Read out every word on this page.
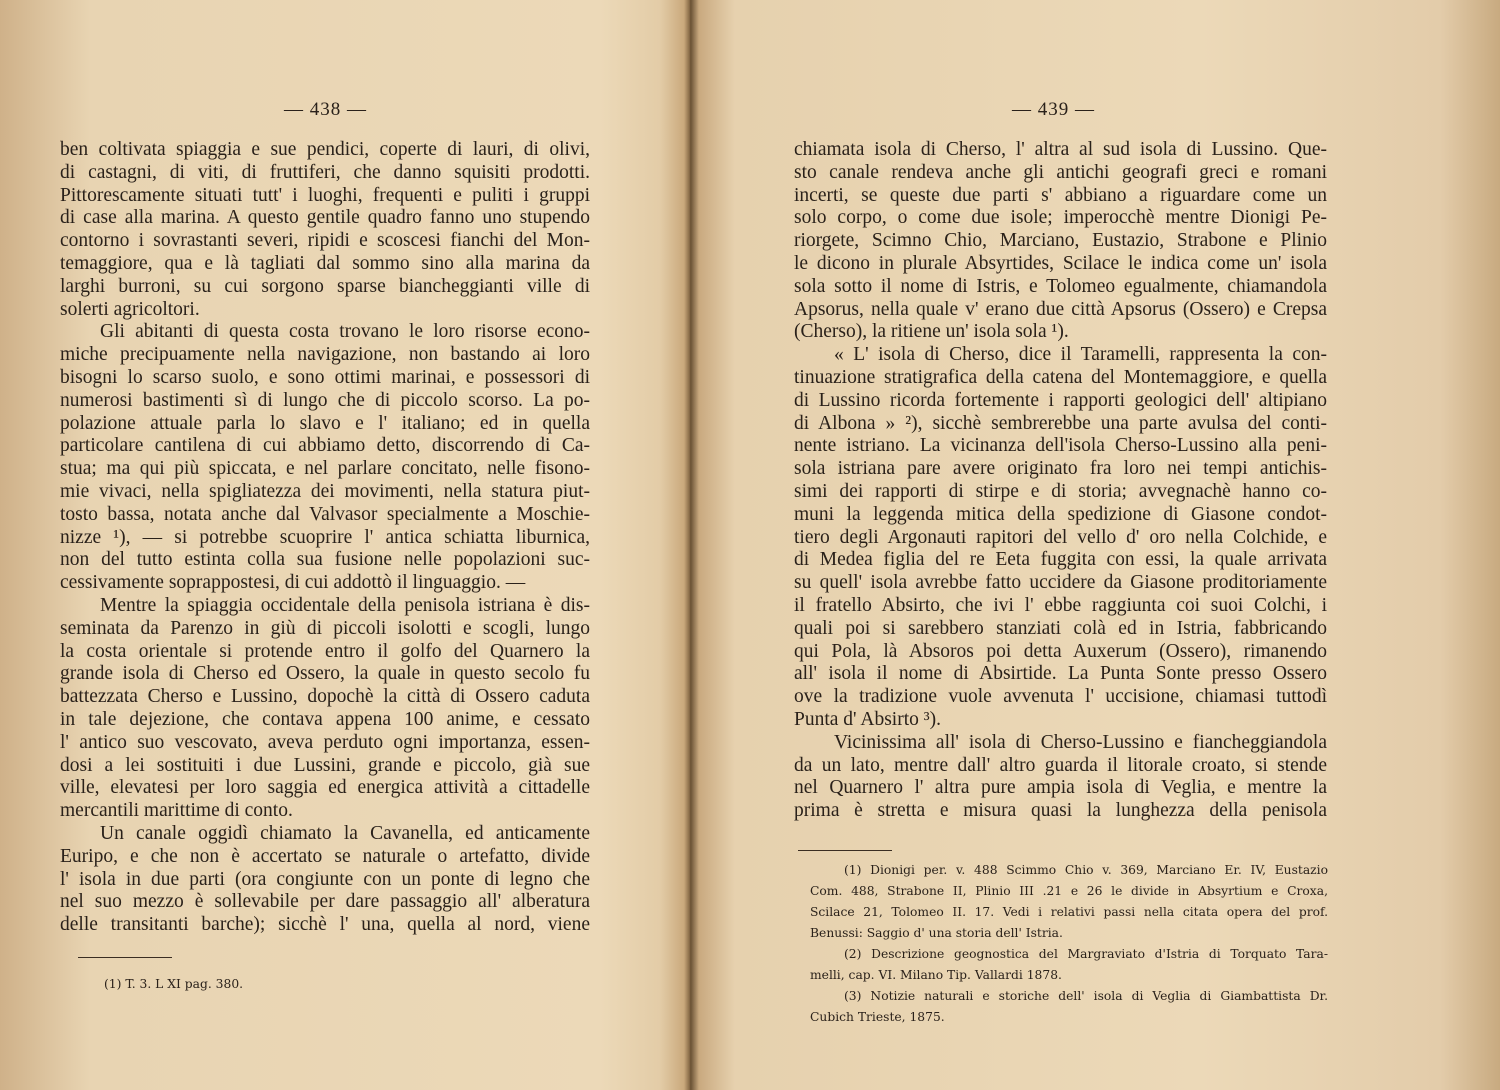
— 438 —
ben coltivata spiaggia e sue pendici, coperte di lauri, di olivi,
di castagni, di viti, di fruttiferi, che danno squisiti prodotti.
Pittorescamente situati tutt' i luoghi, frequenti e puliti i gruppi
di case alla marina. A questo gentile quadro fanno uno stupendo
contorno i sovrastanti severi, ripidi e scoscesi fianchi del Mon-
temaggiore, qua e là tagliati dal sommo sino alla marina da
larghi burroni, su cui sorgono sparse biancheggianti ville di
solerti agricoltori.
Gli abitanti di questa costa trovano le loro risorse econo-
miche precipuamente nella navigazione, non bastando ai loro
bisogni lo scarso suolo, e sono ottimi marinai, e possessori di
numerosi bastimenti sì di lungo che di piccolo scorso. La po-
polazione attuale parla lo slavo e l' italiano; ed in quella
particolare cantilena di cui abbiamo detto, discorrendo di Ca-
stua; ma qui più spiccata, e nel parlare concitato, nelle fisono-
mie vivaci, nella spigliatezza dei movimenti, nella statura piut-
tosto bassa, notata anche dal Valvasor specialmente a Moschie-
nizze ¹), — si potrebbe scuoprire l' antica schiatta liburnica,
non del tutto estinta colla sua fusione nelle popolazioni suc-
cessivamente soprappostesi, di cui addottò il linguaggio. —
Mentre la spiaggia occidentale della penisola istriana è dis-
seminata da Parenzo in giù di piccoli isolotti e scogli, lungo
la costa orientale si protende entro il golfo del Quarnero la
grande isola di Cherso ed Ossero, la quale in questo secolo fu
battezzata Cherso e Lussino, dopochè la città di Ossero caduta
in tale dejezione, che contava appena 100 anime, e cessato
l' antico suo vescovato, aveva perduto ogni importanza, essen-
dosi a lei sostituiti i due Lussini, grande e piccolo, già sue
ville, elevatesi per loro saggia ed energica attività a cittadelle
mercantili marittime di conto.
Un canale oggidì chiamato la Cavanella, ed anticamente
Euripo, e che non è accertato se naturale o artefatto, divide
l' isola in due parti (ora congiunte con un ponte di legno che
nel suo mezzo è sollevabile per dare passaggio all' alberatura
delle transitanti barche); sicchè l' una, quella al nord, viene
(1) T. 3. L XI pag. 380.
— 439 —
chiamata isola di Cherso, l' altra al sud isola di Lussino. Que-
sto canale rendeva anche gli antichi geografi greci e romani
incerti, se queste due parti s' abbiano a riguardare come un
solo corpo, o come due isole; imperocchè mentre Dionigi Pe-
riorgete, Scimno Chio, Marciano, Eustazio, Strabone e Plinio
le dicono in plurale Absyrtides, Scilace le indica come un' isola
sola sotto il nome di Istris, e Tolomeo egualmente, chiamandola
Apsorus, nella quale v' erano due città Apsorus (Ossero) e Crepsa
(Cherso), la ritiene un' isola sola ¹).
« L' isola di Cherso, dice il Taramelli, rappresenta la con-
tinuazione stratigrafica della catena del Montemaggiore, e quella
di Lussino ricorda fortemente i rapporti geologici dell' altipiano
di Albona » ²), sicchè sembrerebbe una parte avulsa del conti-
nente istriano. La vicinanza dell'isola Cherso-Lussino alla peni-
sola istriana pare avere originato fra loro nei tempi antichis-
simi dei rapporti di stirpe e di storia; avvegnachè hanno co-
muni la leggenda mitica della spedizione di Giasone condot-
tiero degli Argonauti rapitori del vello d' oro nella Colchide, e
di Medea figlia del re Eeta fuggita con essi, la quale arrivata
su quell' isola avrebbe fatto uccidere da Giasone proditoriamente
il fratello Absirto, che ivi l' ebbe raggiunta coi suoi Colchi, i
quali poi si sarebbero stanziati colà ed in Istria, fabbricando
qui Pola, là Absoros poi detta Auxerum (Ossero), rimanendo
all' isola il nome di Absirtide. La Punta Sonte presso Ossero
ove la tradizione vuole avvenuta l' uccisione, chiamasi tuttodì
Punta d' Absirto ³).
Vicinissima all' isola di Cherso-Lussino e fiancheggiandola
da un lato, mentre dall' altro guarda il litorale croato, si stende
nel Quarnero l' altra pure ampia isola di Veglia, e mentre la
prima è stretta e misura quasi la lunghezza della penisola
(1) Dionigi per. v. 488 Scimmo Chio v. 369, Marciano Er. IV, Eustazio
Com. 488, Strabone II, Plinio III .21 e 26 le divide in Absyrtium e Croxa,
Scilace 21, Tolomeo II. 17. Vedi i relativi passi nella citata opera del prof.
Benussi: Saggio d' una storia dell' Istria.
(2) Descrizione geognostica del Margraviato d'Istria di Torquato Tara-
melli, cap. VI. Milano Tip. Vallardi 1878.
(3) Notizie naturali e storiche dell' isola di Veglia di Giambattista Dr.
Cubich Trieste, 1875.
